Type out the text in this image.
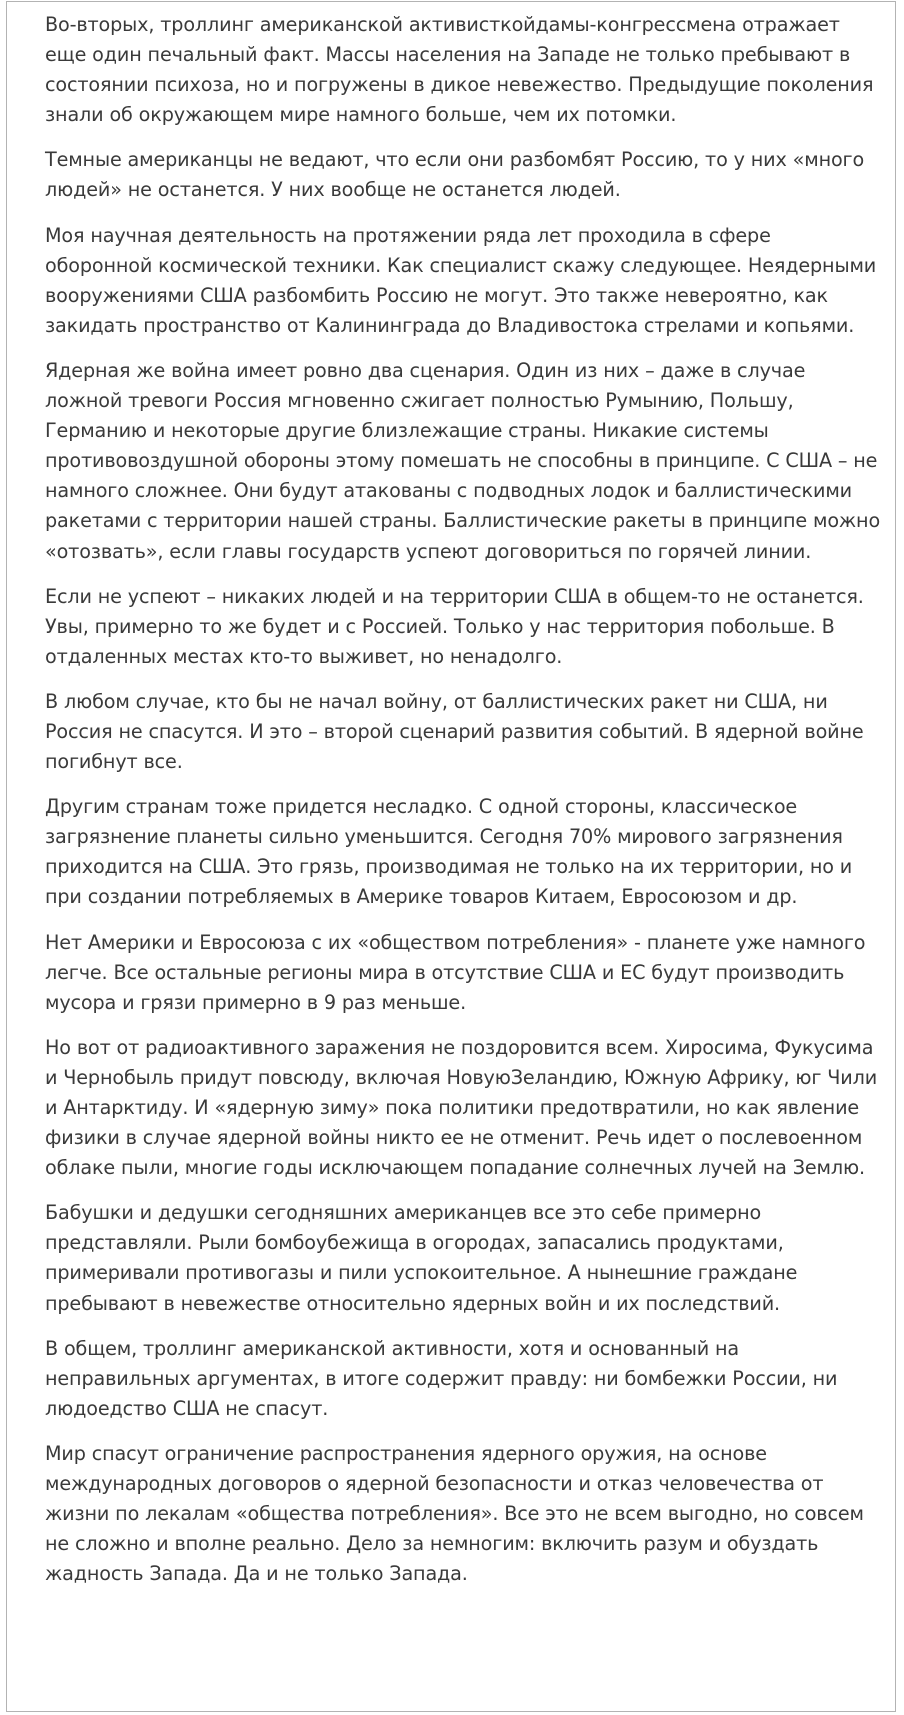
Во-вторых, троллинг американской активисткойдамы-конгрессмена отражает еще один печальный факт. Массы населения на Западе не только пребывают в состоянии психоза, но и погружены в дикое невежество. Предыдущие поколения знали об окружающем мире намного больше, чем их потомки.

Темные американцы не ведают, что если они разбомбят Россию, то у них «много людей» не останется. У них вообще не останется людей.

Моя научная деятельность на протяжении ряда лет проходила в сфере оборонной космической техники. Как специалист скажу следующее. Неядерными вооружениями США разбомбить Россию не могут. Это также невероятно, как закидать пространство от Калининграда до Владивостока стрелами и копьями.

Ядерная же война имеет ровно два сценария. Один из них – даже в случае ложной тревоги Россия мгновенно сжигает полностью Румынию, Польшу, Германию и некоторые другие близлежащие страны. Никакие системы противовоздушной обороны этому помешать не способны в принципе. С США – не намного сложнее. Они будут атакованы с подводных лодок и баллистическими ракетами с территории нашей страны. Баллистические ракеты в принципе можно «отозвать», если главы государств успеют договориться по горячей линии.

Если не успеют – никаких людей и на территории США в общем-то не останется. Увы, примерно то же будет и с Россией. Только у нас территория побольше. В отдаленных местах кто-то выживет, но ненадолго.

В любом случае, кто бы не начал войну, от баллистических ракет ни США, ни Россия не спасутся. И это – второй сценарий развития событий. В ядерной войне погибнут все.

Другим странам тоже придется несладко. С одной стороны, классическое загрязнение планеты сильно уменьшится. Сегодня 70% мирового загрязнения приходится на США. Это грязь, производимая не только на их территории, но и при создании потребляемых в Америке товаров Китаем, Евросоюзом и др.

Нет Америки и Евросоюза с их «обществом потребления» - планете уже намного легче. Все остальные регионы мира в отсутствие США и ЕС будут производить мусора и грязи примерно в 9 раз меньше.

Но вот от радиоактивного заражения не поздоровится всем. Хиросима, Фукусима и Чернобыль придут повсюду, включая НовуюЗеландию, Южную Африку, юг Чили и Антарктиду. И «ядерную зиму» пока политики предотвратили, но как явление физики в случае ядерной войны никто ее не отменит. Речь идет о послевоенном облаке пыли, многие годы исключающем попадание солнечных лучей на Землю.

Бабушки и дедушки сегодняшних американцев все это себе примерно представляли. Рыли бомбоубежища в огородах, запасались продуктами, примеривали противогазы и пили успокоительное. А нынешние граждане пребывают в невежестве относительно ядерных войн и их последствий.

В общем, троллинг американской активности, хотя и основанный на неправильных аргументах, в итоге содержит правду: ни бомбежки России, ни людоедство США не спасут.

Мир спасут ограничение распространения ядерного оружия, на основе международных договоров о ядерной безопасности и отказ человечества от жизни по лекалам «общества потребления». Все это не всем выгодно, но совсем не сложно и вполне реально. Дело за немногим: включить разум и обуздать жадность Запада. Да и не только Запада.
